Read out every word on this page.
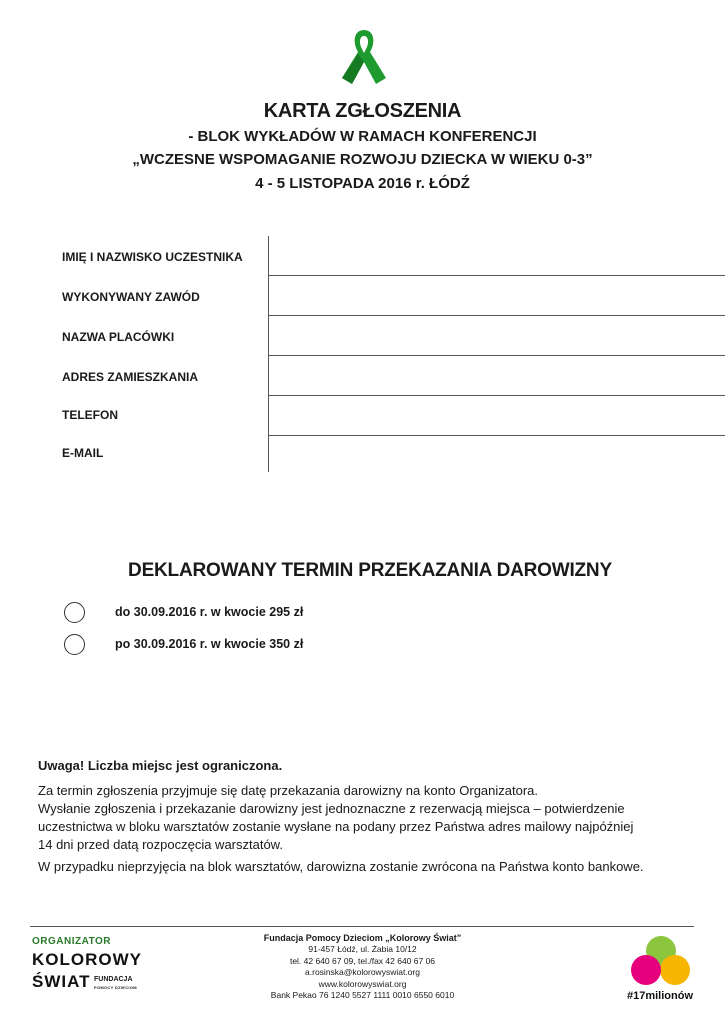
KARTA ZGŁOSZENIA
- BLOK WYKŁADÓW W RAMACH KONFERENCJI
„WCZESNE WSPOMAGANIE ROZWOJU DZIECKA W WIEKU 0-3”
4 - 5 LISTOPADA 2016 r. ŁÓDŹ
IMIĘ I NAZWISKO UCZESTNIKA
WYKONYWANY ZAWÓD
NAZWA PLACÓWKI
ADRES ZAMIESZKANIA
TELEFON
E-MAIL
DEKLAROWANY TERMIN PRZEKAZANIA DAROWIZNY
do 30.09.2016 r. w kwocie 295 zł
po 30.09.2016 r. w kwocie 350 zł
Uwaga! Liczba miejsc jest ograniczona.
Za termin zgłoszenia przyjmuje się datę przekazania darowizny na konto Organizatora.
Wysłanie zgłoszenia i przekazanie darowizny jest jednoznaczne z rezerwacją miejsca – potwierdzenie
uczestnictwa w bloku warsztatów zostanie wysłane na podany przez Państwa adres mailowy najpóźniej
14 dni przed datą rozpoczęcia warsztatów.
W przypadku nieprzyjęcia na blok warsztatów, darowizna zostanie zwrócona na Państwa konto bankowe.
ORGANIZATOR
KOLOROWY
ŚWIAT FUNDACJA
POMOCY DZIECIOM
Fundacja Pomocy Dzieciom „Kolorowy Świat”
91-457 Łódź, ul. Żabia 10/12
tel. 42 640 67 09, tel./fax 42 640 67 06
a.rosinska@kolorowyswiat.org
www.kolorowyswiat.org
Bank Pekao 76 1240 5527 1111 0010 6550 6010	#17milionów
